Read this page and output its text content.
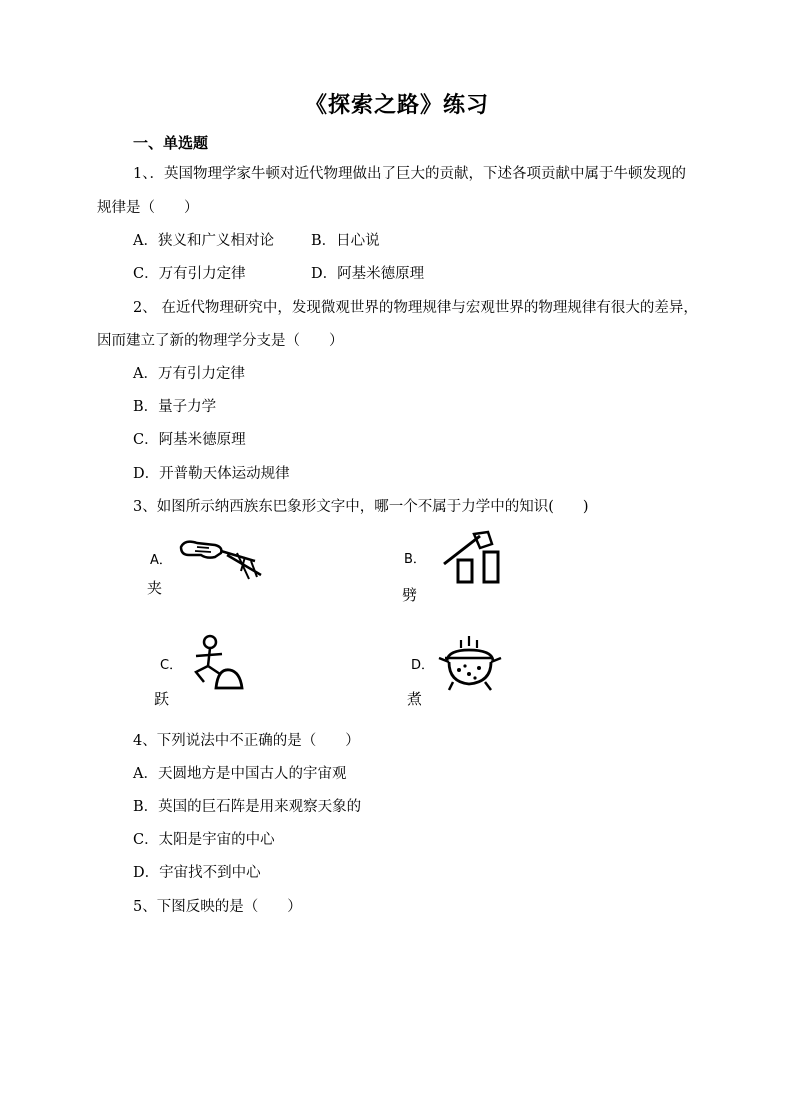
《探索之路》练习
一、单选题
1、．英国物理学家牛顿对近代物理做出了巨大的贡献，下述各项贡献中属于牛顿发现的
规律是（　　）
A．狭义和广义相对论	B．日心说
C．万有引力定律	D．阿基米德原理
2、 在近代物理研究中，发现微观世界的物理规律与宏观世界的物理规律有很大的差异，
因而建立了新的物理学分支是（　　）
A．万有引力定律
B．量子力学
C．阿基米德原理
D．开普勒天体运动规律
3、如图所示纳西族东巴象形文字中，哪一个不属于力学中的知识(　　)
A．
夹
B．
劈
C．
跃
D．
煮
4、下列说法中不正确的是（　　）
A．天圆地方是中国古人的宇宙观
B．英国的巨石阵是用来观察天象的
C．太阳是宇宙的中心
D．宇宙找不到中心
5、下图反映的是（　　）
